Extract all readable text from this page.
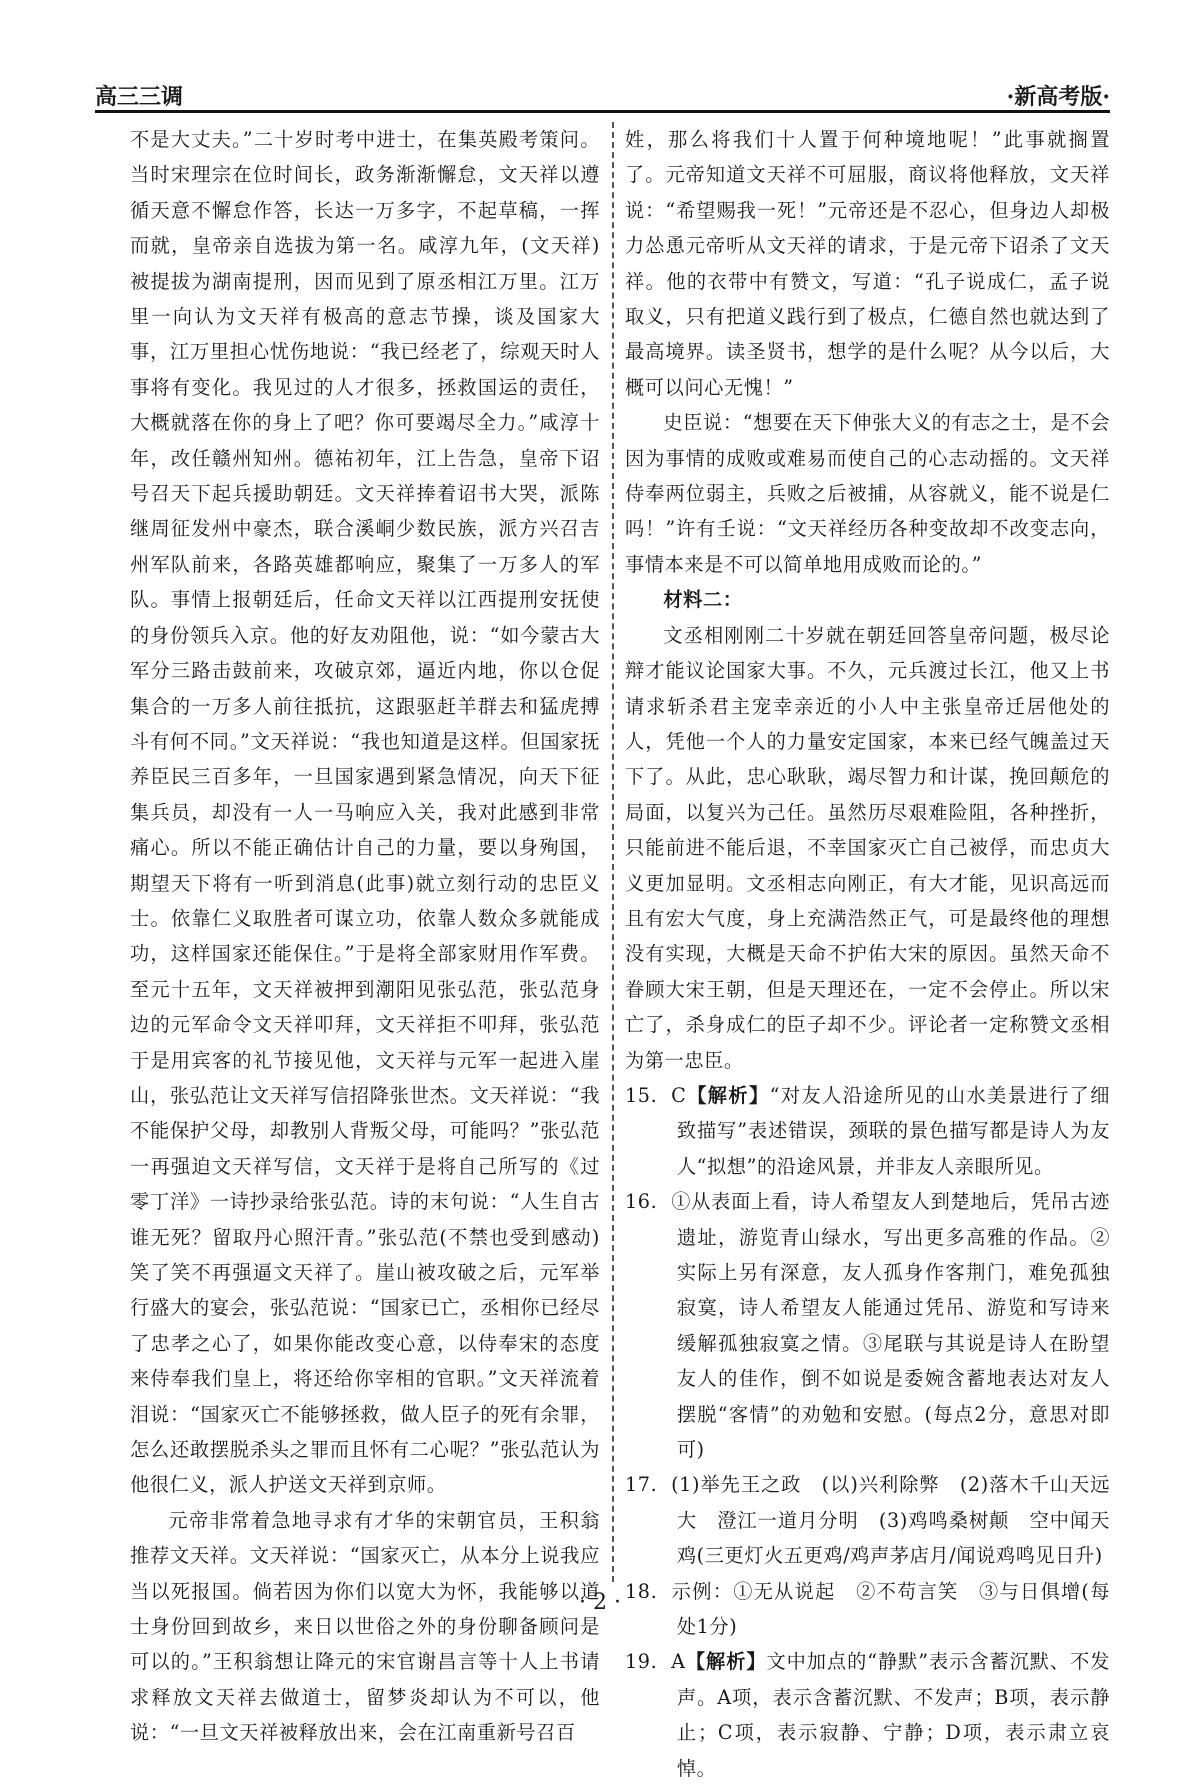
高三三调	·新高考版·

不是大丈夫。”二十岁时考中进士，在集英殿考策问。当时宋理宗在位时间长，政务渐渐懈怠，文天祥以遵循天意不懈怠作答，长达一万多字，不起草稿，一挥而就，皇帝亲自选拔为第一名。咸淳九年，(文天祥)被提拔为湖南提刑，因而见到了原丞相江万里。江万里一向认为文天祥有极高的意志节操，谈及国家大事，江万里担心忧伤地说：“我已经老了，综观天时人事将有变化。我见过的人才很多，拯救国运的责任，大概就落在你的身上了吧？你可要竭尽全力。”咸淳十年，改任赣州知州。德祐初年，江上告急，皇帝下诏号召天下起兵援助朝廷。文天祥捧着诏书大哭，派陈继周征发州中豪杰，联合溪峒少数民族，派方兴召吉州军队前来，各路英雄都响应，聚集了一万多人的军队。事情上报朝廷后，任命文天祥以江西提刑安抚使的身份领兵入京。他的好友劝阻他，说：“如今蒙古大军分三路击鼓前来，攻破京郊，逼近内地，你以仓促集合的一万多人前往抵抗，这跟驱赶羊群去和猛虎搏斗有何不同。”文天祥说：“我也知道是这样。但国家抚养臣民三百多年，一旦国家遇到紧急情况，向天下征集兵员，却没有一人一马响应入关，我对此感到非常痛心。所以不能正确估计自己的力量，要以身殉国，期望天下将有一听到消息(此事)就立刻行动的忠臣义士。依靠仁义取胜者可谋立功，依靠人数众多就能成功，这样国家还能保住。”于是将全部家财用作军费。至元十五年，文天祥被押到潮阳见张弘范，张弘范身边的元军命令文天祥叩拜，文天祥拒不叩拜，张弘范于是用宾客的礼节接见他，文天祥与元军一起进入崖山，张弘范让文天祥写信招降张世杰。文天祥说：“我不能保护父母，却教别人背叛父母，可能吗？”张弘范一再强迫文天祥写信，文天祥于是将自己所写的《过零丁洋》一诗抄录给张弘范。诗的末句说：“人生自古谁无死？留取丹心照汗青。”张弘范(不禁也受到感动)笑了笑不再强逼文天祥了。崖山被攻破之后，元军举行盛大的宴会，张弘范说：“国家已亡，丞相你已经尽了忠孝之心了，如果你能改变心意，以侍奉宋的态度来侍奉我们皇上，将还给你宰相的官职。”文天祥流着泪说：“国家灭亡不能够拯救，做人臣子的死有余罪，怎么还敢摆脱杀头之罪而且怀有二心呢？”张弘范认为他很仁义，派人护送文天祥到京师。

元帝非常着急地寻求有才华的宋朝官员，王积翁推荐文天祥。文天祥说：“国家灭亡，从本分上说我应当以死报国。倘若因为你们以宽大为怀，我能够以道士身份回到故乡，来日以世俗之外的身份聊备顾问是可以的。”王积翁想让降元的宋官谢昌言等十人上书请求释放文天祥去做道士，留梦炎却认为不可以，他说：“一旦文天祥被释放出来，会在江南重新号召百

姓，那么将我们十人置于何种境地呢！”此事就搁置了。元帝知道文天祥不可屈服，商议将他释放，文天祥说：“希望赐我一死！”元帝还是不忍心，但身边人却极力怂恿元帝听从文天祥的请求，于是元帝下诏杀了文天祥。他的衣带中有赞文，写道：“孔子说成仁，孟子说取义，只有把道义践行到了极点，仁德自然也就达到了最高境界。读圣贤书，想学的是什么呢？从今以后，大概可以问心无愧！”

史臣说：“想要在天下伸张大义的有志之士，是不会因为事情的成败或难易而使自己的心志动摇的。文天祥侍奉两位弱主，兵败之后被捕，从容就义，能不说是仁吗！”许有壬说：“文天祥经历各种变故却不改变志向，事情本来是不可以简单地用成败而论的。”

材料二：

文丞相刚刚二十岁就在朝廷回答皇帝问题，极尽论辩才能议论国家大事。不久，元兵渡过长江，他又上书请求斩杀君主宠幸亲近的小人中主张皇帝迁居他处的人，凭他一个人的力量安定国家，本来已经气魄盖过天下了。从此，忠心耿耿，竭尽智力和计谋，挽回颠危的局面，以复兴为己任。虽然历尽艰难险阻，各种挫折，只能前进不能后退，不幸国家灭亡自己被俘，而忠贞大义更加显明。文丞相志向刚正，有大才能，见识高远而且有宏大气度，身上充满浩然正气，可是最终他的理想没有实现，大概是天命不护佑大宋的原因。虽然天命不眷顾大宋王朝，但是天理还在，一定不会停止。所以宋亡了，杀身成仁的臣子却不少。评论者一定称赞文丞相为第一忠臣。

15. C【解析】“对友人沿途所见的山水美景进行了细致描写”表述错误，颈联的景色描写都是诗人为友人“拟想”的沿途风景，并非友人亲眼所见。

16. ①从表面上看，诗人希望友人到楚地后，凭吊古迹遗址，游览青山绿水，写出更多高雅的作品。②实际上另有深意，友人孤身作客荆门，难免孤独寂寞，诗人希望友人能通过凭吊、游览和写诗来缓解孤独寂寞之情。③尾联与其说是诗人在盼望友人的佳作，倒不如说是委婉含蓄地表达对友人摆脱“客情”的劝勉和安慰。(每点2分，意思对即可)

17. (1)举先王之政　(以)兴利除弊　(2)落木千山天远大　澄江一道月分明　(3)鸡鸣桑树颠　空中闻天鸡(三更灯火五更鸡/鸡声茅店月/闻说鸡鸣见日升)

18. 示例：①无从说起　②不苟言笑　③与日俱增(每处1分)

19. A【解析】文中加点的“静默”表示含蓄沉默、不发声。A项，表示含蓄沉默、不发声；B项，表示静止；C项，表示寂静、宁静；D项，表示肃立哀悼。

· 2 ·
